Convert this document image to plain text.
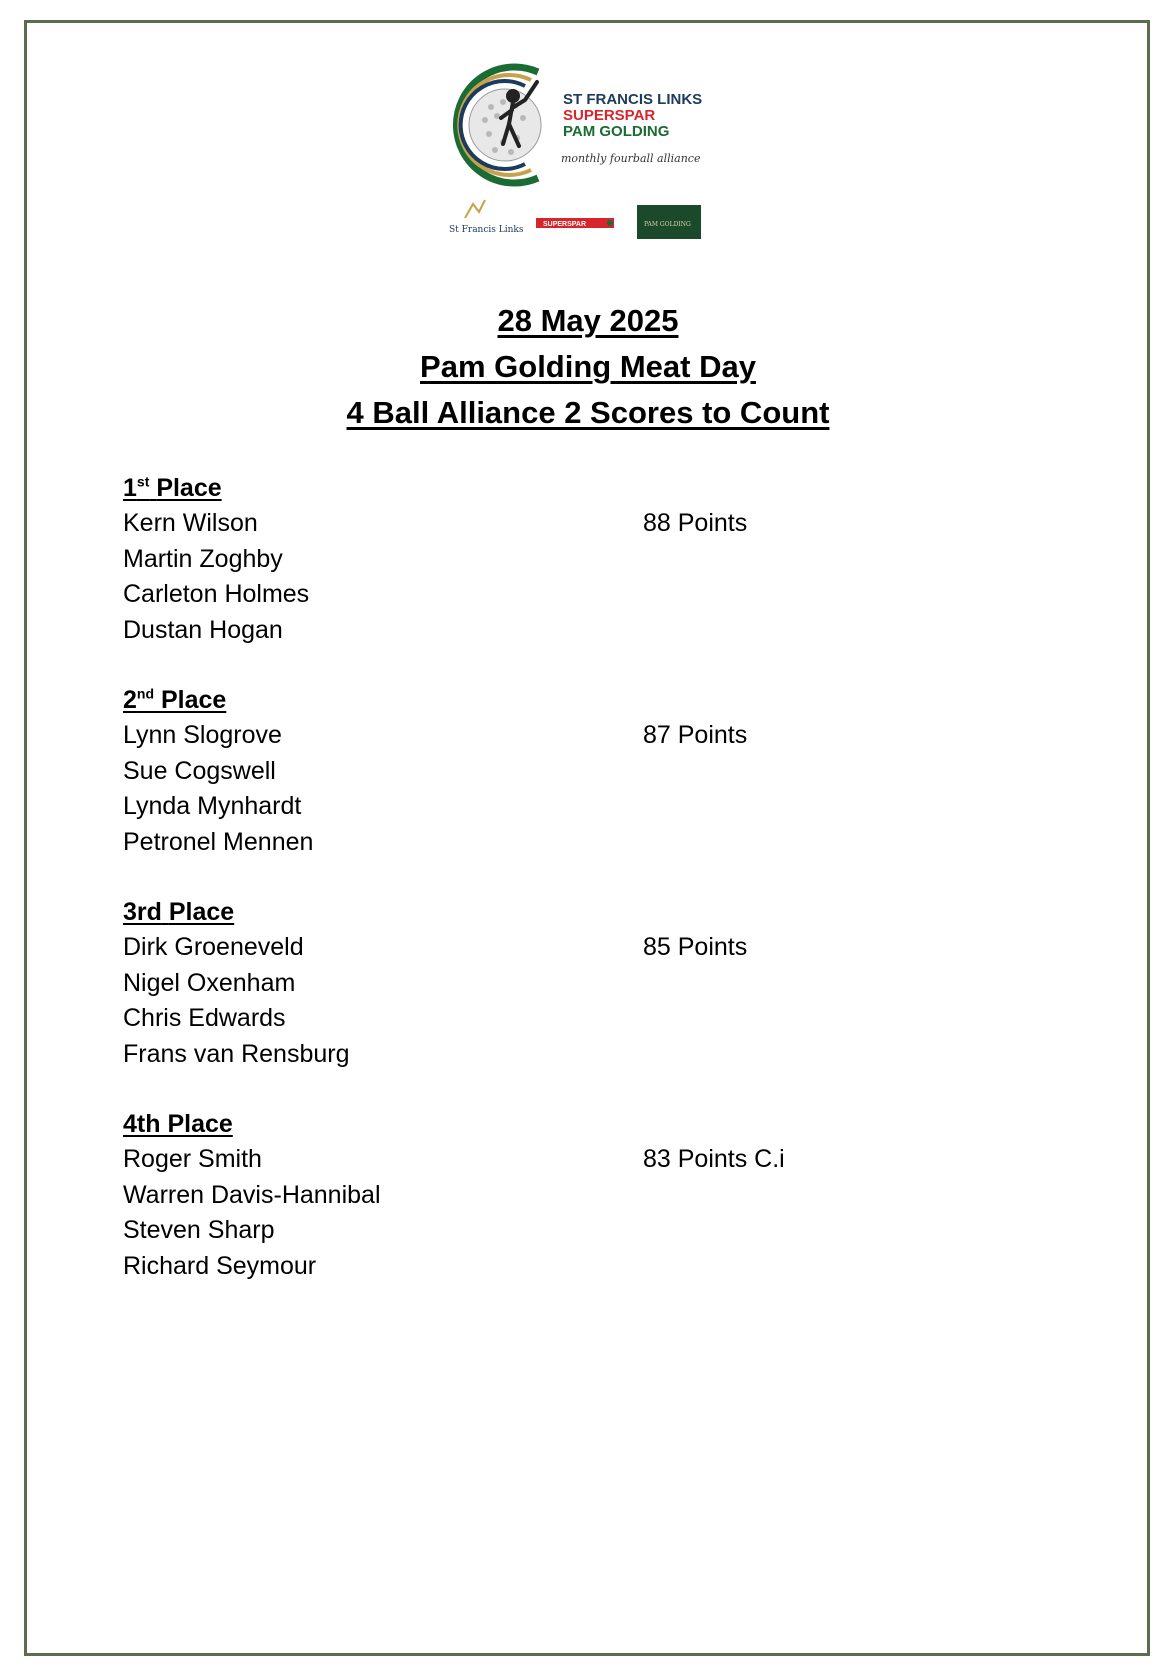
ST FRANCIS LINKS
SUPERSPAR
PAM GOLDING
monthly fourball alliance
St Francis Links
SUPERSPAR	PAM GOLDING

28 May 2025

Pam Golding Meat Day

4 Ball Alliance 2 Scores to Count

1st Place
Kern Wilson	88 Points
Martin Zoghby
Carleton Holmes
Dustan Hogan
2nd Place
Lynn Slogrove	87 Points
Sue Cogswell
Lynda Mynhardt
Petronel Mennen
3rd Place
Dirk Groeneveld	85 Points
Nigel Oxenham
Chris Edwards
Frans van Rensburg
4th Place
Roger Smith	83 Points C.i
Warren Davis-Hannibal
Steven Sharp
Richard Seymour
